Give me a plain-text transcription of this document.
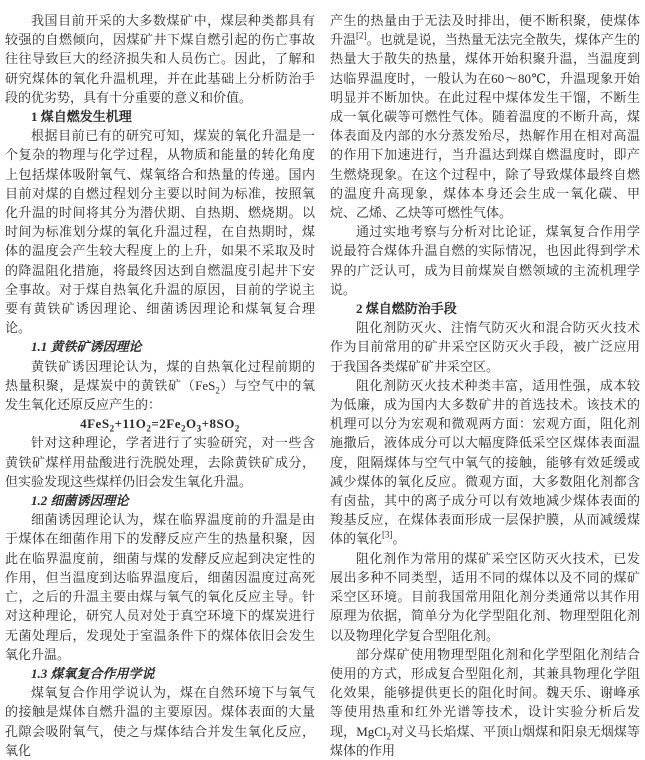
我国目前开采的大多数煤矿中，煤层种类都具有较强的自燃倾向，因煤矿井下煤自燃引起的伤亡事故往往导致巨大的经济损失和人员伤亡。因此，了解和研究煤体的氧化升温机理，并在此基础上分析防治手段的优劣势，具有十分重要的意义和价值。
1 煤自燃发生机理
根据目前已有的研究可知，煤炭的氧化升温是一个复杂的物理与化学过程，从物质和能量的转化角度上包括煤体吸附氧气、煤氧络合和热量的传递。国内目前对煤的自燃过程划分主要以时间为标准，按照氧化升温的时间将其分为潜伏期、自热期、燃烧期。以时间为标准划分煤的氧化升温过程，在自热期时，煤体的温度会产生较大程度上的上升，如果不采取及时的降温阻化措施，将最终因达到自燃温度引起井下安全事故。对于煤自热氧化升温的原因，目前的学说主要有黄铁矿诱因理论、细菌诱因理论和煤氧复合理论。
1.1 黄铁矿诱因理论
黄铁矿诱因理论认为，煤的自热氧化过程前期的热量积聚，是煤炭中的黄铁矿（FeS$_2$）与空气中的氧发生氧化还原反应产生的：
$4FeS_2+11O_2=2Fe_2O_3+8SO_2$
针对这种理论，学者进行了实验研究，对一些含黄铁矿煤样用盐酸进行洗脱处理，去除黄铁矿成分，但实验发现这些煤样仍旧会发生氧化升温。
1.2 细菌诱因理论
细菌诱因理论认为，煤在临界温度前的升温是由于煤体在细菌作用下的发酵反应产生的热量积聚，因此在临界温度前，细菌与煤的发酵反应起到决定性的作用，但当温度到达临界温度后，细菌因温度过高死亡，之后的升温主要由煤与氧气的氧化反应主导。针对这种理论，研究人员对处于真空环境下的煤炭进行无菌处理后，发现处于室温条件下的煤体依旧会发生氧化升温。
1.3 煤氧复合作用学说
煤氧复合作用学说认为，煤在自然环境下与氧气的接触是煤体自燃升温的主要原因。煤体表面的大量孔隙会吸附氧气，使之与煤体结合并发生氧化反应，氧化
产生的热量由于无法及时排出，便不断积聚，使煤体升温[2]。也就是说，当热量无法完全散失，煤体产生的热量大于散失的热量，煤体开始积聚升温，当温度到达临界温度时，一般认为在60～80℃，升温现象开始明显并不断加快。在此过程中煤体发生干馏，不断生成一氧化碳等可燃性气体。随着温度的不断升高，煤体表面及内部的水分蒸发殆尽，热解作用在相对高温的作用下加速进行，当升温达到煤自燃温度时，即产生燃烧现象。在这个过程中，除了导致煤体最终自燃的温度升高现象，煤体本身还会生成一氧化碳、甲烷、乙烯、乙炔等可燃性气体。
通过实地考察与分析对比论证，煤氧复合作用学说最符合煤体升温自燃的实际情况，也因此得到学术界的广泛认可，成为目前煤炭自燃领域的主流机理学说。
2 煤自燃防治手段
阻化剂防灭火、注惰气防灭火和混合防灭火技术作为目前常用的矿井采空区防灭火手段，被广泛应用于我国各类煤矿矿井采空区。
阻化剂防灭火技术种类丰富，适用性强，成本较为低廉，成为国内大多数矿井的首选技术。该技术的机理可以分为宏观和微观两方面：宏观方面，阻化剂施撒后，液体成分可以大幅度降低采空区煤体表面温度，阻隔煤体与空气中氧气的接触，能够有效延缓或减少煤体的氧化反应。微观方面，大多数阻化剂都含有卤盐，其中的离子成分可以有效地减少煤体表面的羧基反应，在煤体表面形成一层保护膜，从而减缓煤体的氧化[3]。
阻化剂作为常用的煤矿采空区防灭火技术，已发展出多种不同类型，适用不同的煤体以及不同的煤矿采空区环境。目前我国常用阻化剂分类通常以其作用原理为依据，简单分为化学型阻化剂、物理型阻化剂以及物理化学复合型阻化剂。
部分煤矿使用物理型阻化剂和化学型阻化剂结合使用的方式，形成复合型阻化剂，其兼具物理化学阻化效果，能够提供更长的阻化时间。魏天乐、谢峰承等使用热重和红外光谱等技术，设计实验分析后发现，MgCl$_2$对义马长焰煤、平顶山烟煤和阳泉无烟煤等煤体的作用
